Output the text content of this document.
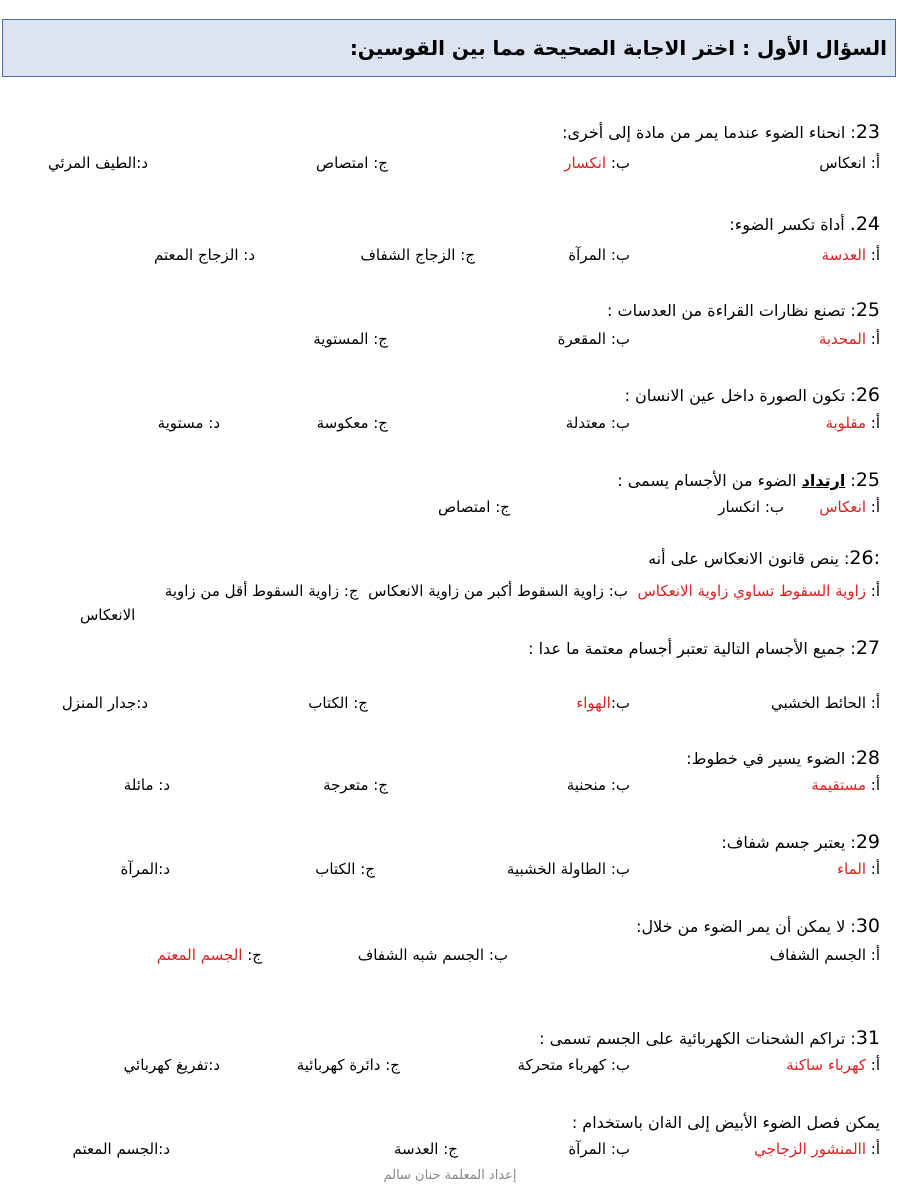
السؤال الأول : اختر الاجابة الصحيحة مما بين القوسين:
23: انحناء الضوء عندما يمر من مادة إلى أخرى:
أ: انعكاس
ب: انكسار
ج: امتصاص
د:الطيف المرئي
24. أداة تكسر الضوء:
أ: العدسة
ب: المرآة
ج: الزجاج الشفاف
د: الزجاج المعتم
25: تصنع نظارات القراءة من العدسات :
أ: المحدبة
ب: المقعرة
ج: المستوية
26: تكون الصورة داخل عين الانسان :
أ: مقلوبة
ب: معتدلة
ج: معكوسة
د: مستوية
25: ارتداد الضوء من الأجسام يسمى :
أ: انعكاس
ب: انكسار
ج: امتصاص
:26: ينص قانون الانعكاس على أنه
أ: زاوية السقوط تساوي زاوية الانعكاس  ب: زاوية السقوط أكبر من زاوية الانعكاس  ج: زاوية السقوط أقل من زاوية
الانعكاس
27: جميع الأجسام التالية تعتبر أجسام معتمة ما عدا :
أ: الحائط الخشبي
ب:الهواء
ج: الكتاب
د:جدار المنزل
28: الضوء يسير في خطوط:
أ: مستقيمة
ب: منحنية
ج: متعرجة
د: مائلة
29: يعتبر جسم شفاف:
أ: الماء
ب: الطاولة الخشبية
ج: الكتاب
د:المرآة
30: لا يمكن أن يمر الضوء من خلال:
أ: الجسم الشفاف
ب: الجسم شبه الشفاف
ج: الجسم المعتم
31: تراكم الشحنات الكهربائية على الجسم تسمى :
أ: كهرباء ساكنة
ب: كهرباء متحركة
ج: دائرة كهربائية
د:تفريغ كهربائي
يمكن فصل الضوء الأبيض إلى الةان باستخدام :
أ: االمنشور الزجاجي
ب: المرآة
ج: العدسة
د:الجسم المعتم
إعداد المعلمة حنان سالم
